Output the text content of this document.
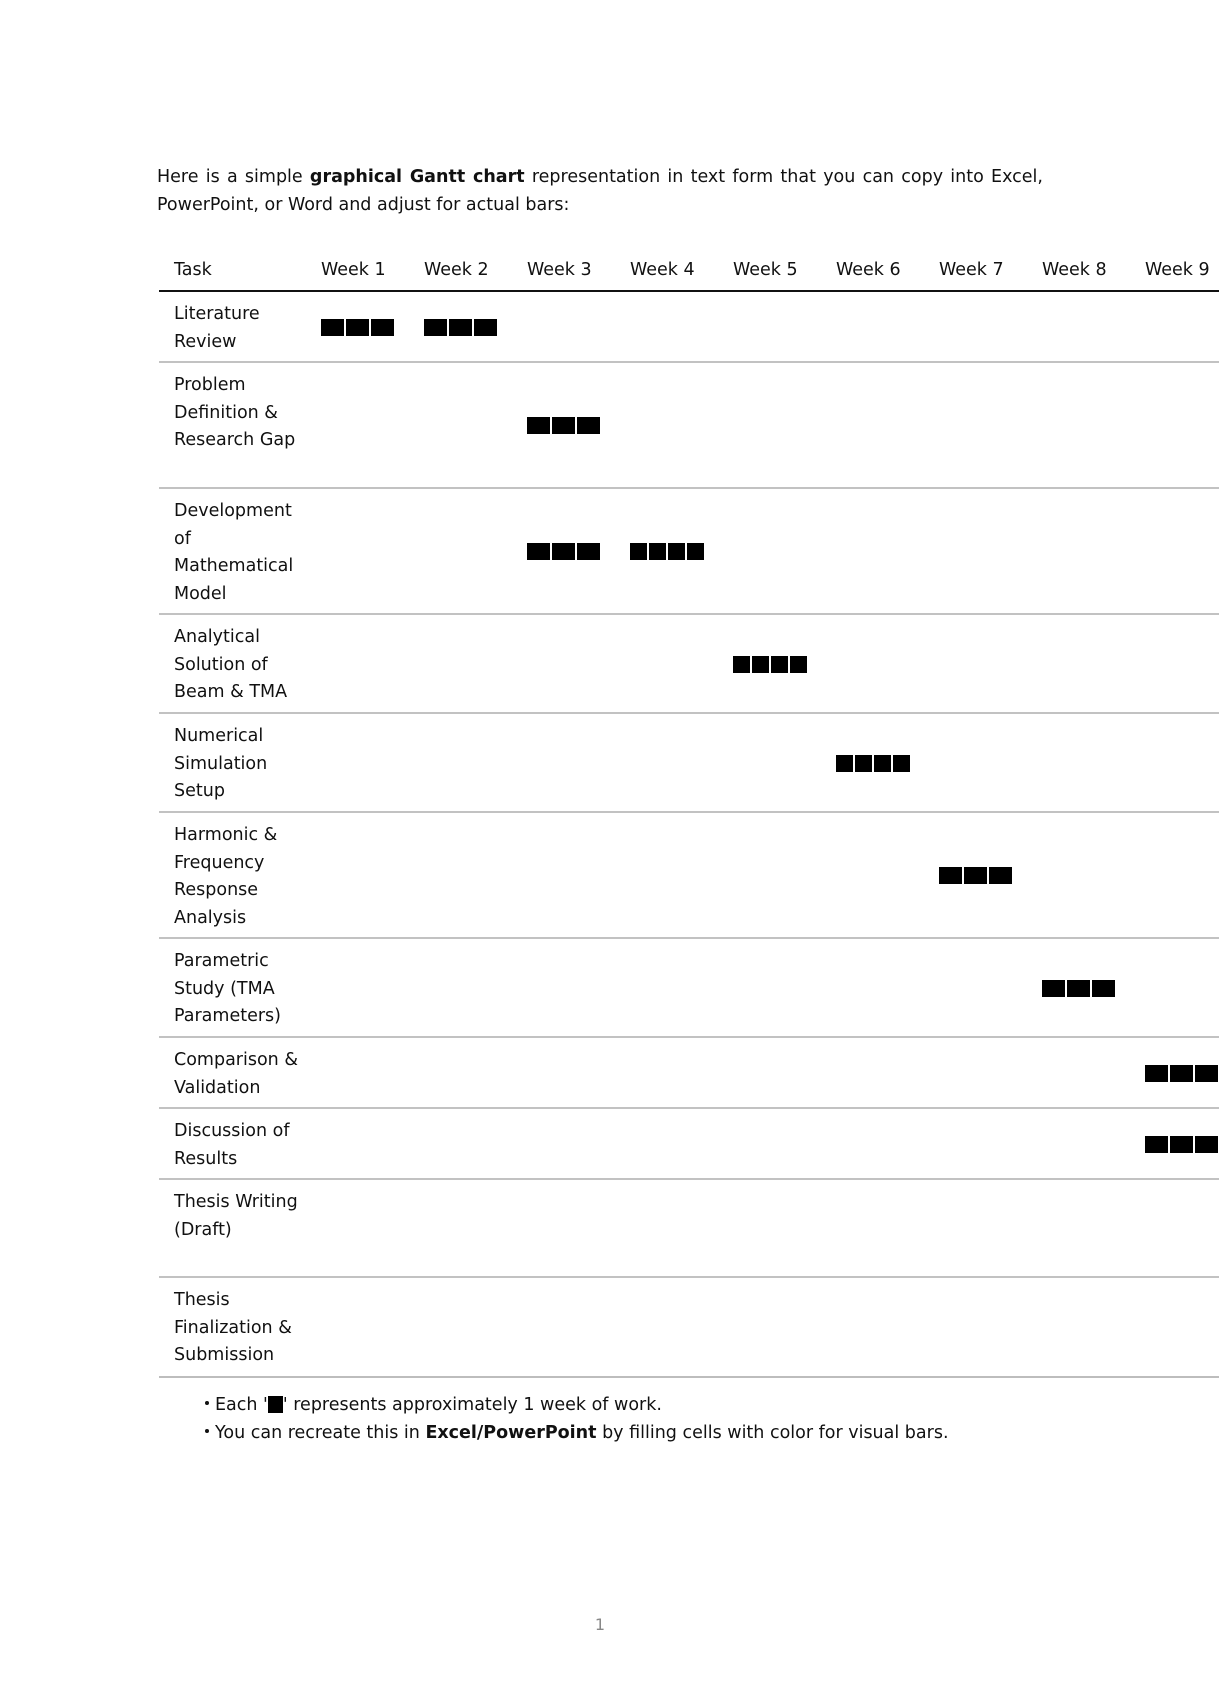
Here is a simple graphical Gantt chart representation in text form that you can copy into Excel, PowerPoint, or Word and adjust for actual bars:
Task	Week 1 Week 2 Week 3 Week 4 Week 5 Week 6 Week 7 Week 8 Week 9
Literature Review
Problem Definition & Research Gap
Development of Mathematical Model
Analytical Solution of Beam & TMA
Numerical Simulation Setup
Harmonic & Frequency Response Analysis
Parametric Study (TMA Parameters)
Comparison & Validation
Discussion of Results
Thesis Writing (Draft)
Thesis Finalization & Submission
Each ' ' represents approximately 1 week of work.
You can recreate this in Excel/PowerPoint by filling cells with color for visual bars.
1
